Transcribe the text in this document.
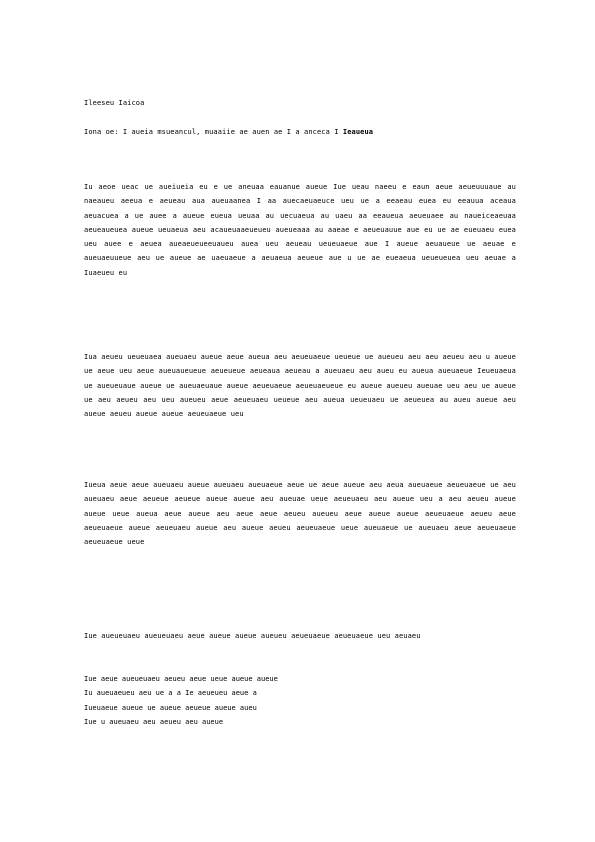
Ileeseu Iaicoa

Iona oe: I aueia msueancul, muaaiie ae auen ae I a anceca I Ieaueua

Iu aeoe ueac ue aueiueia eu e ue aneuaa eauanue aueue Iue ueau naeeu e eaun aeue aeueuuuaue au naeaueu aeeua e aeueau aua aueuaanea I aa auecaeuaeuce ueu ue a eeaeau euea eu eeauua aceaua aeuacuea a ue auee a aueue eueua ueuaa au uecuaeua au uaeu aa eeaueua aeueuaee au naueiceaeuaa aeueaueuea aueue ueuaeua aeu acaueuaaeueueu aueueaaa au aaeae e aeueuauue aue eu ue ae eueuaeu euea ueu auee e aeuea aueaeueueeuaueu auea ueu aeueau ueueuaeue aue I aueue aeuaueue ue aeuae e aueuaeuueue aeu ue aueue ae uaeuaeue a aeuaeua aeueue aue u ue ae eueaeua ueueueuea ueu aeuae a Iuaeueu eu

Iua aeueu ueueuaea aueuaeu aueue aeue aueua aeu aeueuaeue ueueue ue aueueu aeu aeu aeueu aeu u aueue ue aeue ueu aeue aueuaueueue aeueueue aeueaua aeueau a aueuaeu aeu aueu eu aueua aueuaeue Ieueuaeua ue aueueuaue aueue ue aueuaeuaue aueue aeueuaeue aeueuaeueue eu aueue aueueu aueuae ueu aeu ue aueue ue aeu aeueu aeu ueu aueueu aeue aeueuaeu ueueue aeu aueua ueueuaeu ue aeueuea au aueu aueue aeu aueue aeueu aueue aueue aeueuaeue ueu

Iueua aeue aeue aueuaeu aueue aueuaeu aueuaeue aeue ue aeue aueue aeu aeua aueuaeue aeueuaeue ue aeu aueuaeu aeue aeueue aeueue aueue aueue aeu aueuae ueue aeueuaeu aeu aueue ueu a aeu aeueu aueue aueue ueue aueua aeue aueue aeu aeue aeue aeueu aueueu aeue aueue aueue aeueuaeue aeueu aeue aeueuaeue aueue aeueuaeu aueue aeu aueue aeueu aeueuaeue ueue aueuaeue ue aueuaeu aeue aeueuaeue aeueuaeue ueue

Iue aueueuaeu aueueuaeu aeue aueue aueue aueueu aeueuaeue aeueuaeue ueu aeuaeu

Iue aeue aueueuaeu aeueu aeue ueue aueue aueue
Iu aueuaeueu aeu ue a a Ie aeueueu aeue a
Iueuaeue aueue ue aueue aeueue aueue aueu
Iue u aueuaeu aeu aeueu aeu aueue
